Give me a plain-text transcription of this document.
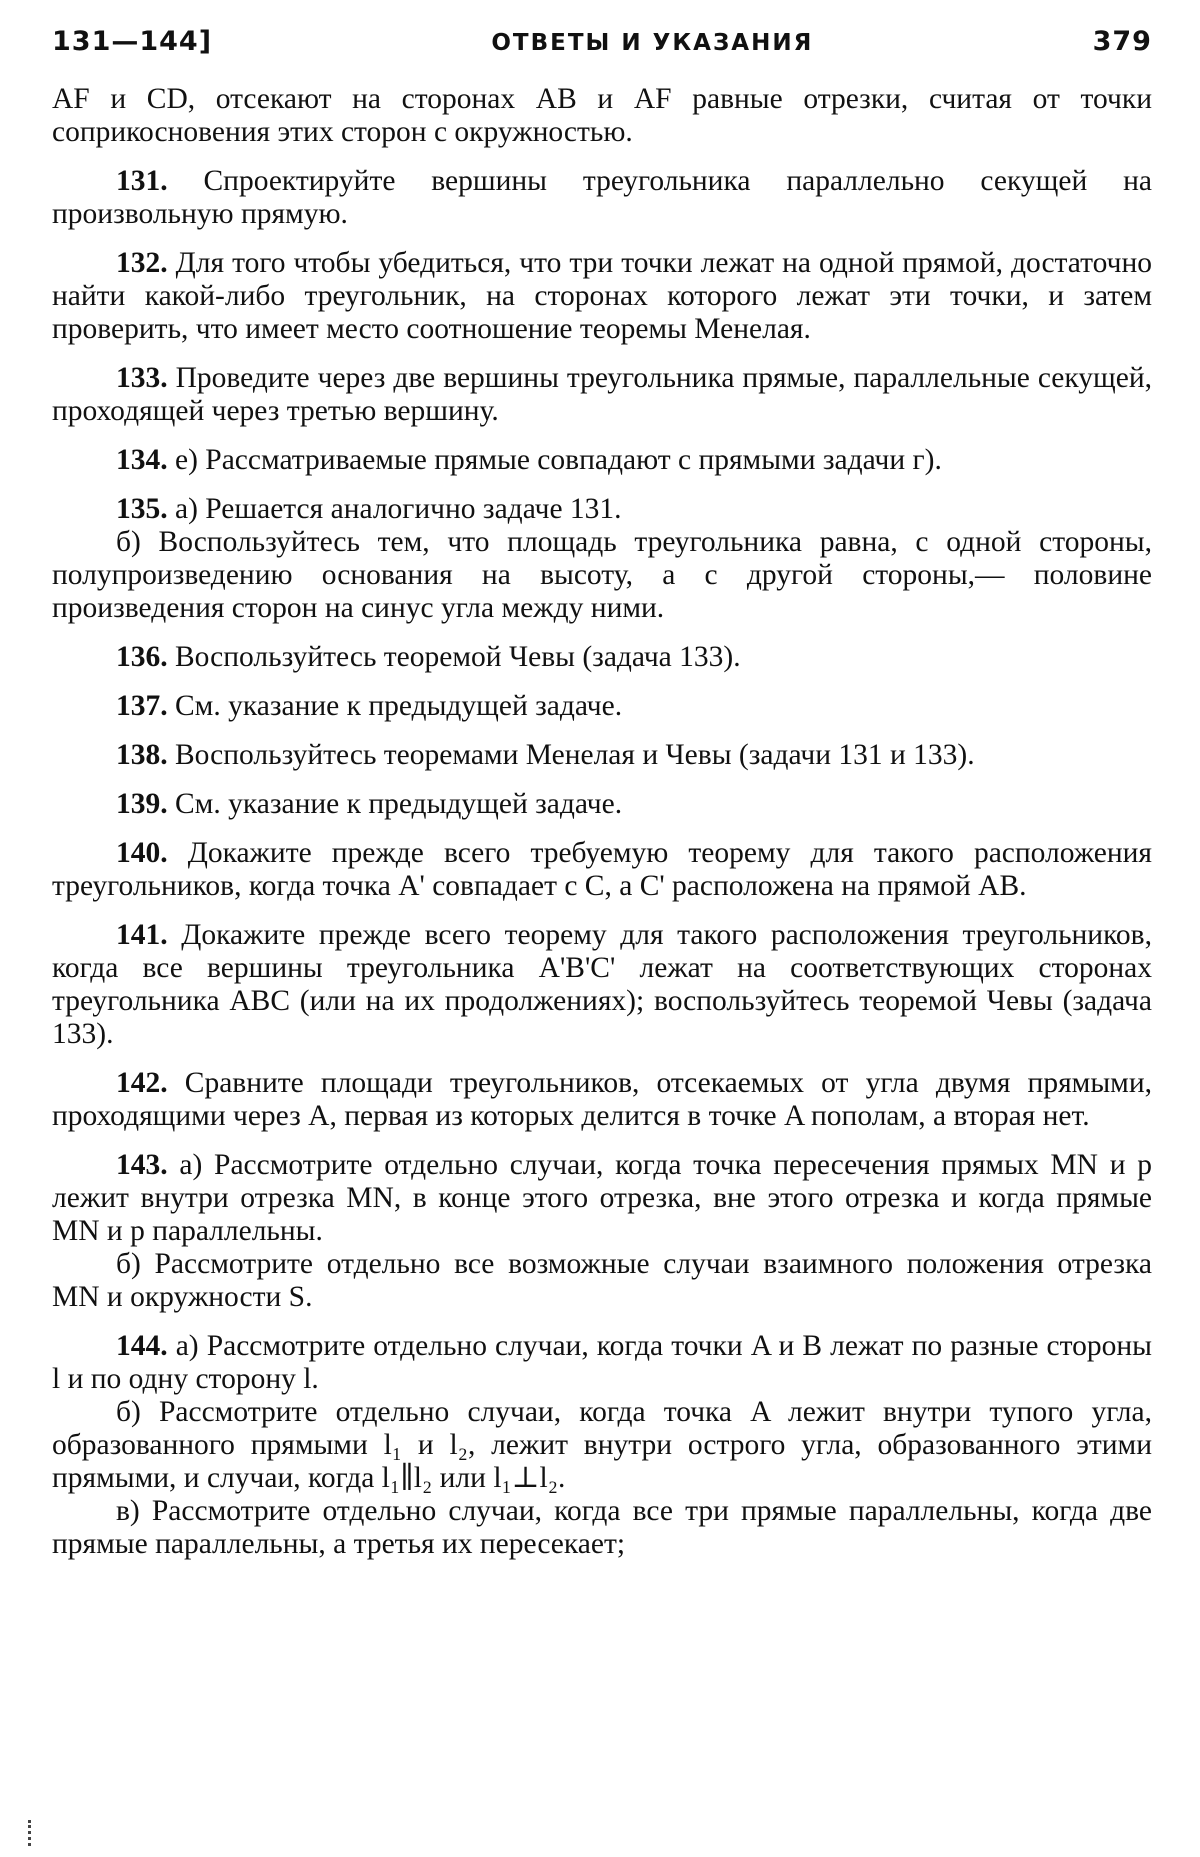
131—144]	ОТВЕТЫ И УКАЗАНИЯ	379

AF и CD, отсекают на сторонах AB и AF равные отрезки, считая от точки соприкосновения этих сторон с окружностью.

131. Спроектируйте вершины треугольника параллельно секущей на произвольную прямую.

132. Для того чтобы убедиться, что три точки лежат на одной прямой, достаточно найти какой-либо треугольник, на сторонах которого лежат эти точки, и затем проверить, что имеет место соотношение теоремы Менелая.

133. Проведите через две вершины треугольника прямые, параллельные секущей, проходящей через третью вершину.

134. е) Рассматриваемые прямые совпадают с прямыми задачи г).

135. а) Решается аналогично задаче 131.

б) Воспользуйтесь тем, что площадь треугольника равна, с одной стороны, полупроизведению основания на высоту, а с другой стороны,— половине произведения сторон на синус угла между ними.

136. Воспользуйтесь теоремой Чевы (задача 133).

137. См. указание к предыдущей задаче.

138. Воспользуйтесь теоремами Менелая и Чевы (задачи 131 и 133).

139. См. указание к предыдущей задаче.

140. Докажите прежде всего требуемую теорему для такого расположения треугольников, когда точка A' совпадает с C, а C' расположена на прямой AB.

141. Докажите прежде всего теорему для такого расположения треугольников, когда все вершины треугольника A'B'C' лежат на соответствующих сторонах треугольника ABC (или на их продолжениях); воспользуйтесь теоремой Чевы (задача 133).

142. Сравните площади треугольников, отсекаемых от угла двумя прямыми, проходящими через A, первая из которых делится в точке A пополам, а вторая нет.

143. а) Рассмотрите отдельно случаи, когда точка пересечения прямых MN и p лежит внутри отрезка MN, в конце этого отрезка, вне этого отрезка и когда прямые MN и p параллельны.

б) Рассмотрите отдельно все возможные случаи взаимного положения отрезка MN и окружности S.

144. а) Рассмотрите отдельно случаи, когда точки A и B лежат по разные стороны l и по одну сторону l.

б) Рассмотрите отдельно случаи, когда точка A лежит внутри тупого угла, образованного прямыми l₁ и l₂, лежит внутри острого угла, образованного этими прямыми, и случаи, когда l₁∥l₂ или l₁⊥l₂.

в) Рассмотрите отдельно случаи, когда все три прямые параллельны, когда две прямые параллельны, а третья их пересекает;
